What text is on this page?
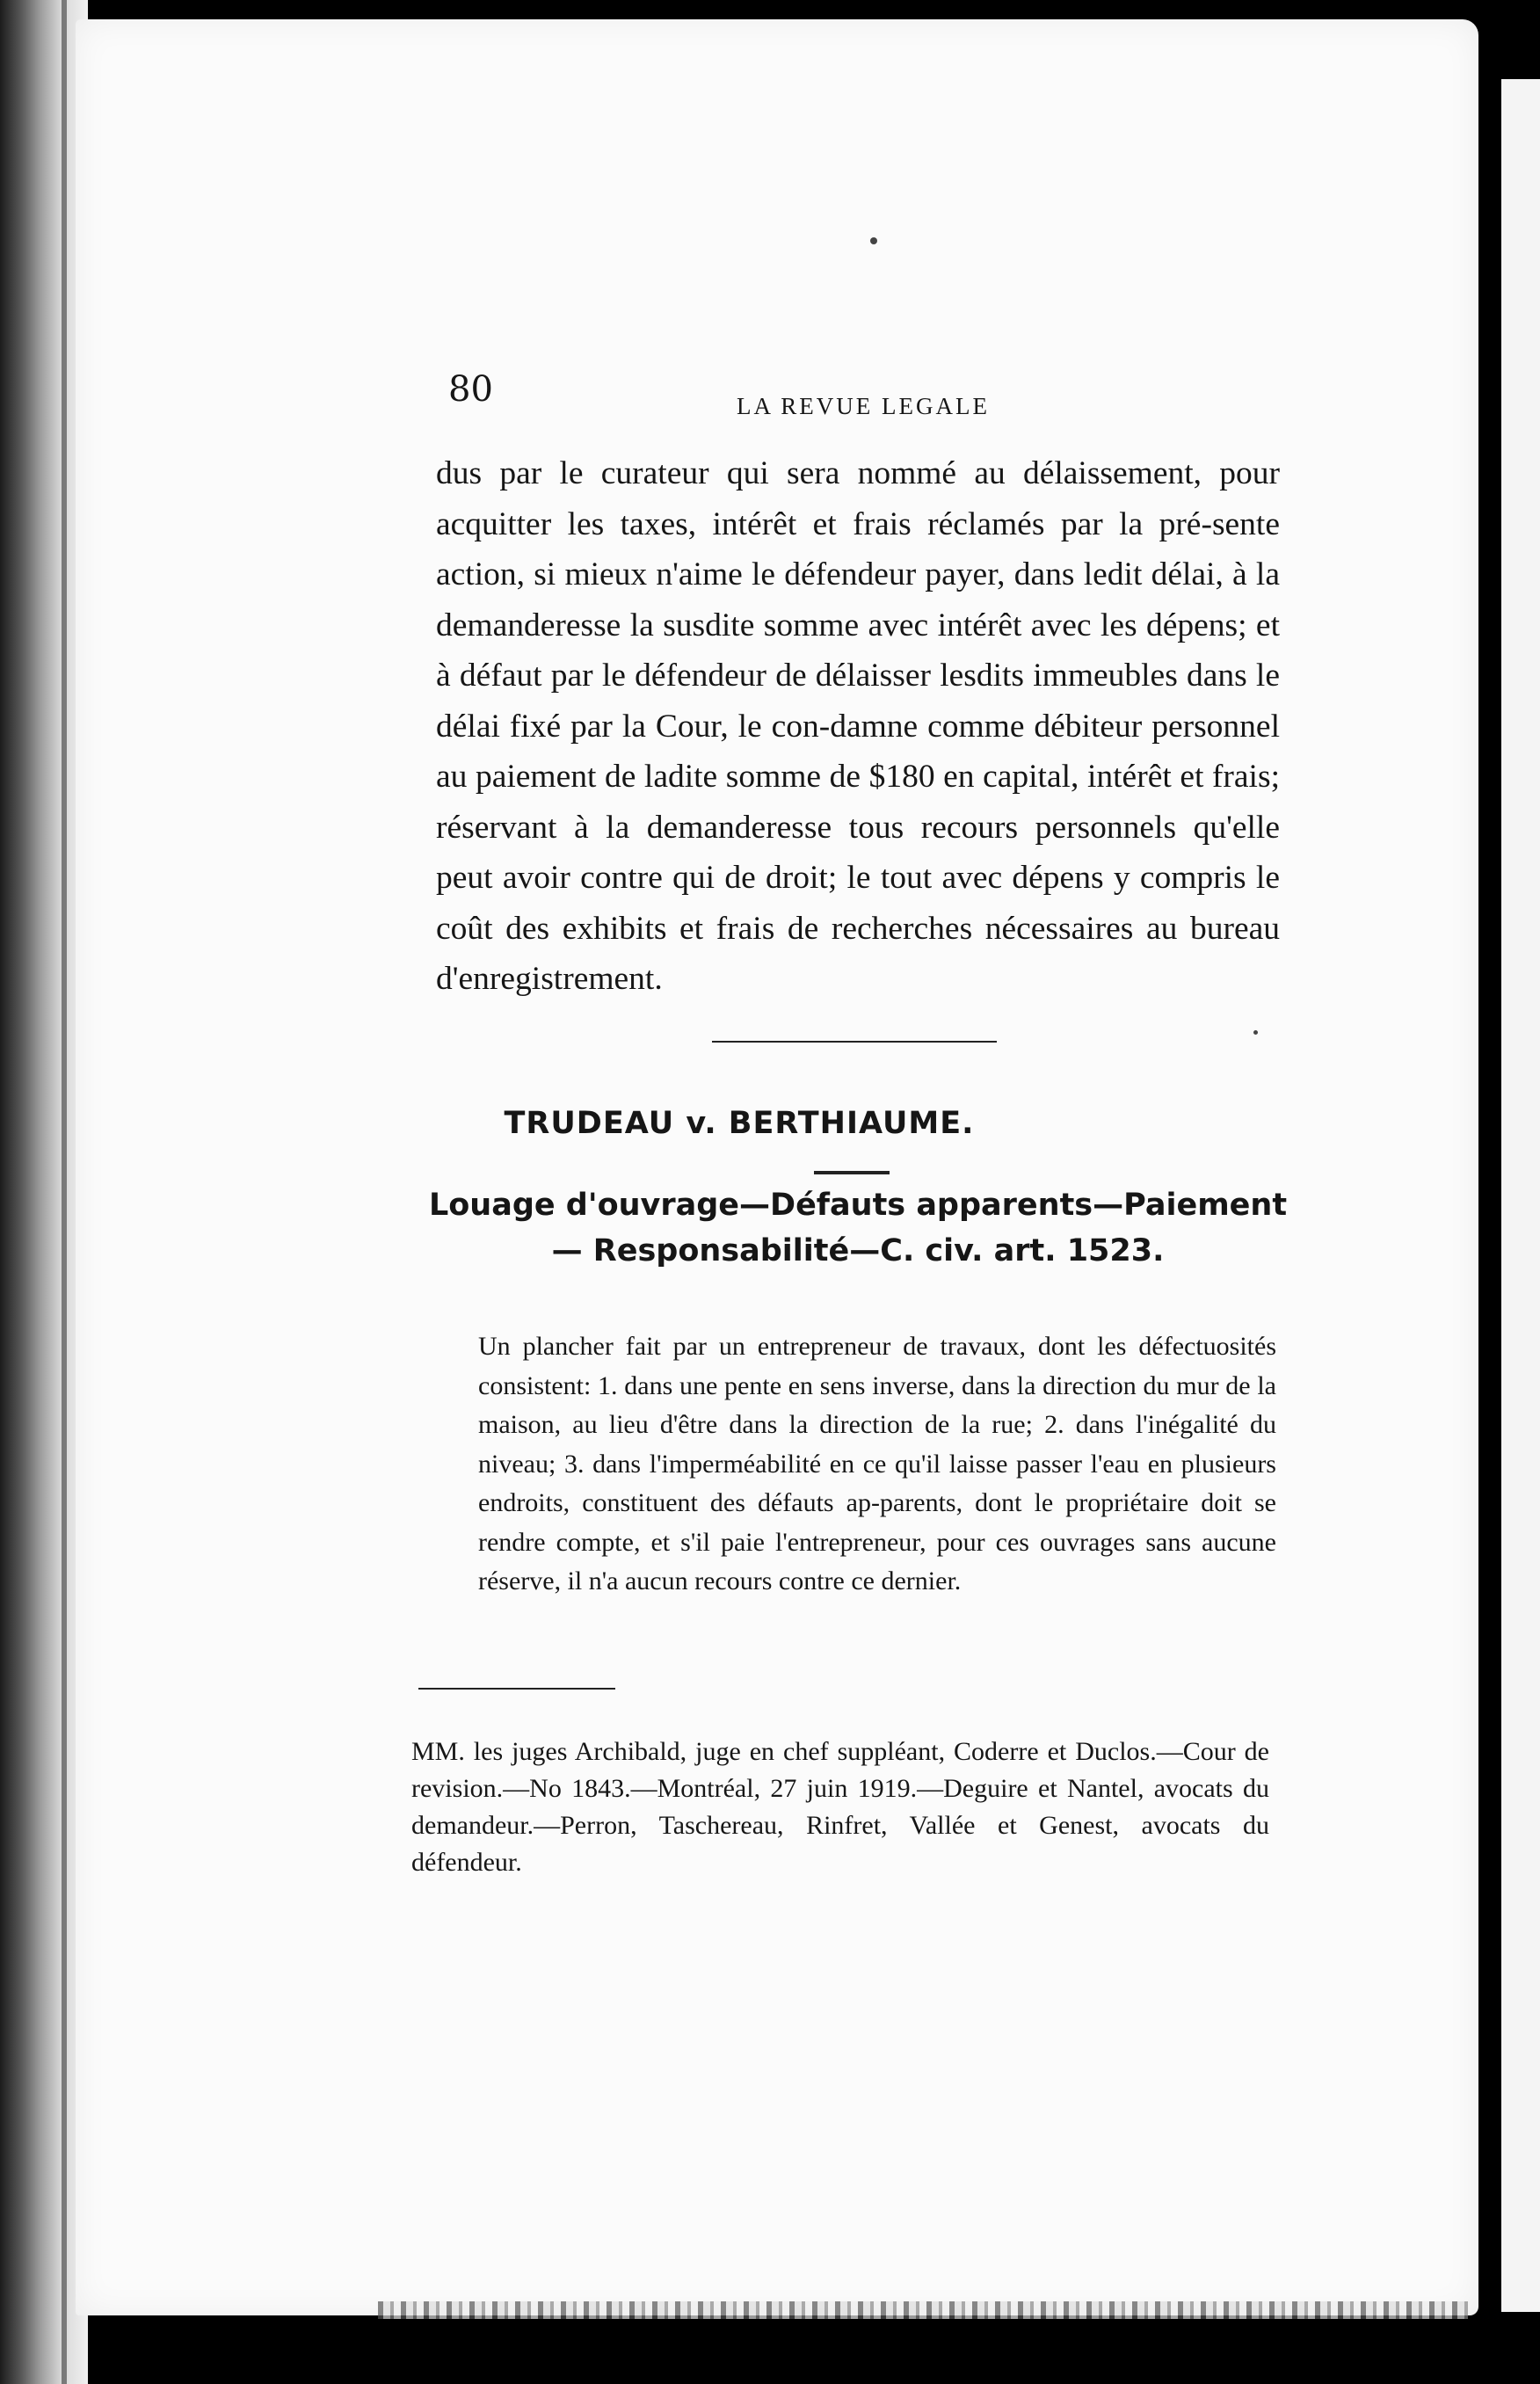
80	LA REVUE LEGALE

dus par le curateur qui sera nommé au délaissement, pour acquitter les taxes, intérêt et frais réclamés par la pré-sente action, si mieux n'aime le défendeur payer, dans ledit délai, à la demanderesse la susdite somme avec intérêt avec les dépens; et à défaut par le défendeur de délaisser lesdits immeubles dans le délai fixé par la Cour, le con-damne comme débiteur personnel au paiement de ladite somme de $180 en capital, intérêt et frais; réservant à la demanderesse tous recours personnels qu'elle peut avoir contre qui de droit; le tout avec dépens y compris le coût des exhibits et frais de recherches nécessaires au bureau d'enregistrement.

TRUDEAU v. BERTHIAUME.

Louage d'ouvrage—Défauts apparents—Paiement— Responsabilité—C. civ. art. 1523.

Un plancher fait par un entrepreneur de travaux, dont les défectuosités consistent: 1. dans une pente en sens inverse, dans la direction du mur de la maison, au lieu d'être dans la direction de la rue; 2. dans l'inégalité du niveau; 3. dans l'imperméabilité en ce qu'il laisse passer l'eau en plusieurs endroits, constituent des défauts ap-parents, dont le propriétaire doit se rendre compte, et s'il paie l'entrepreneur, pour ces ouvrages sans aucune réserve, il n'a aucun recours contre ce dernier.

MM. les juges Archibald, juge en chef suppléant, Coderre et Duclos.—Cour de revision.—No 1843.—Montréal, 27 juin 1919.—Deguire et Nantel, avocats du demandeur.—Perron, Taschereau, Rinfret, Vallée et Genest, avocats du défendeur.
